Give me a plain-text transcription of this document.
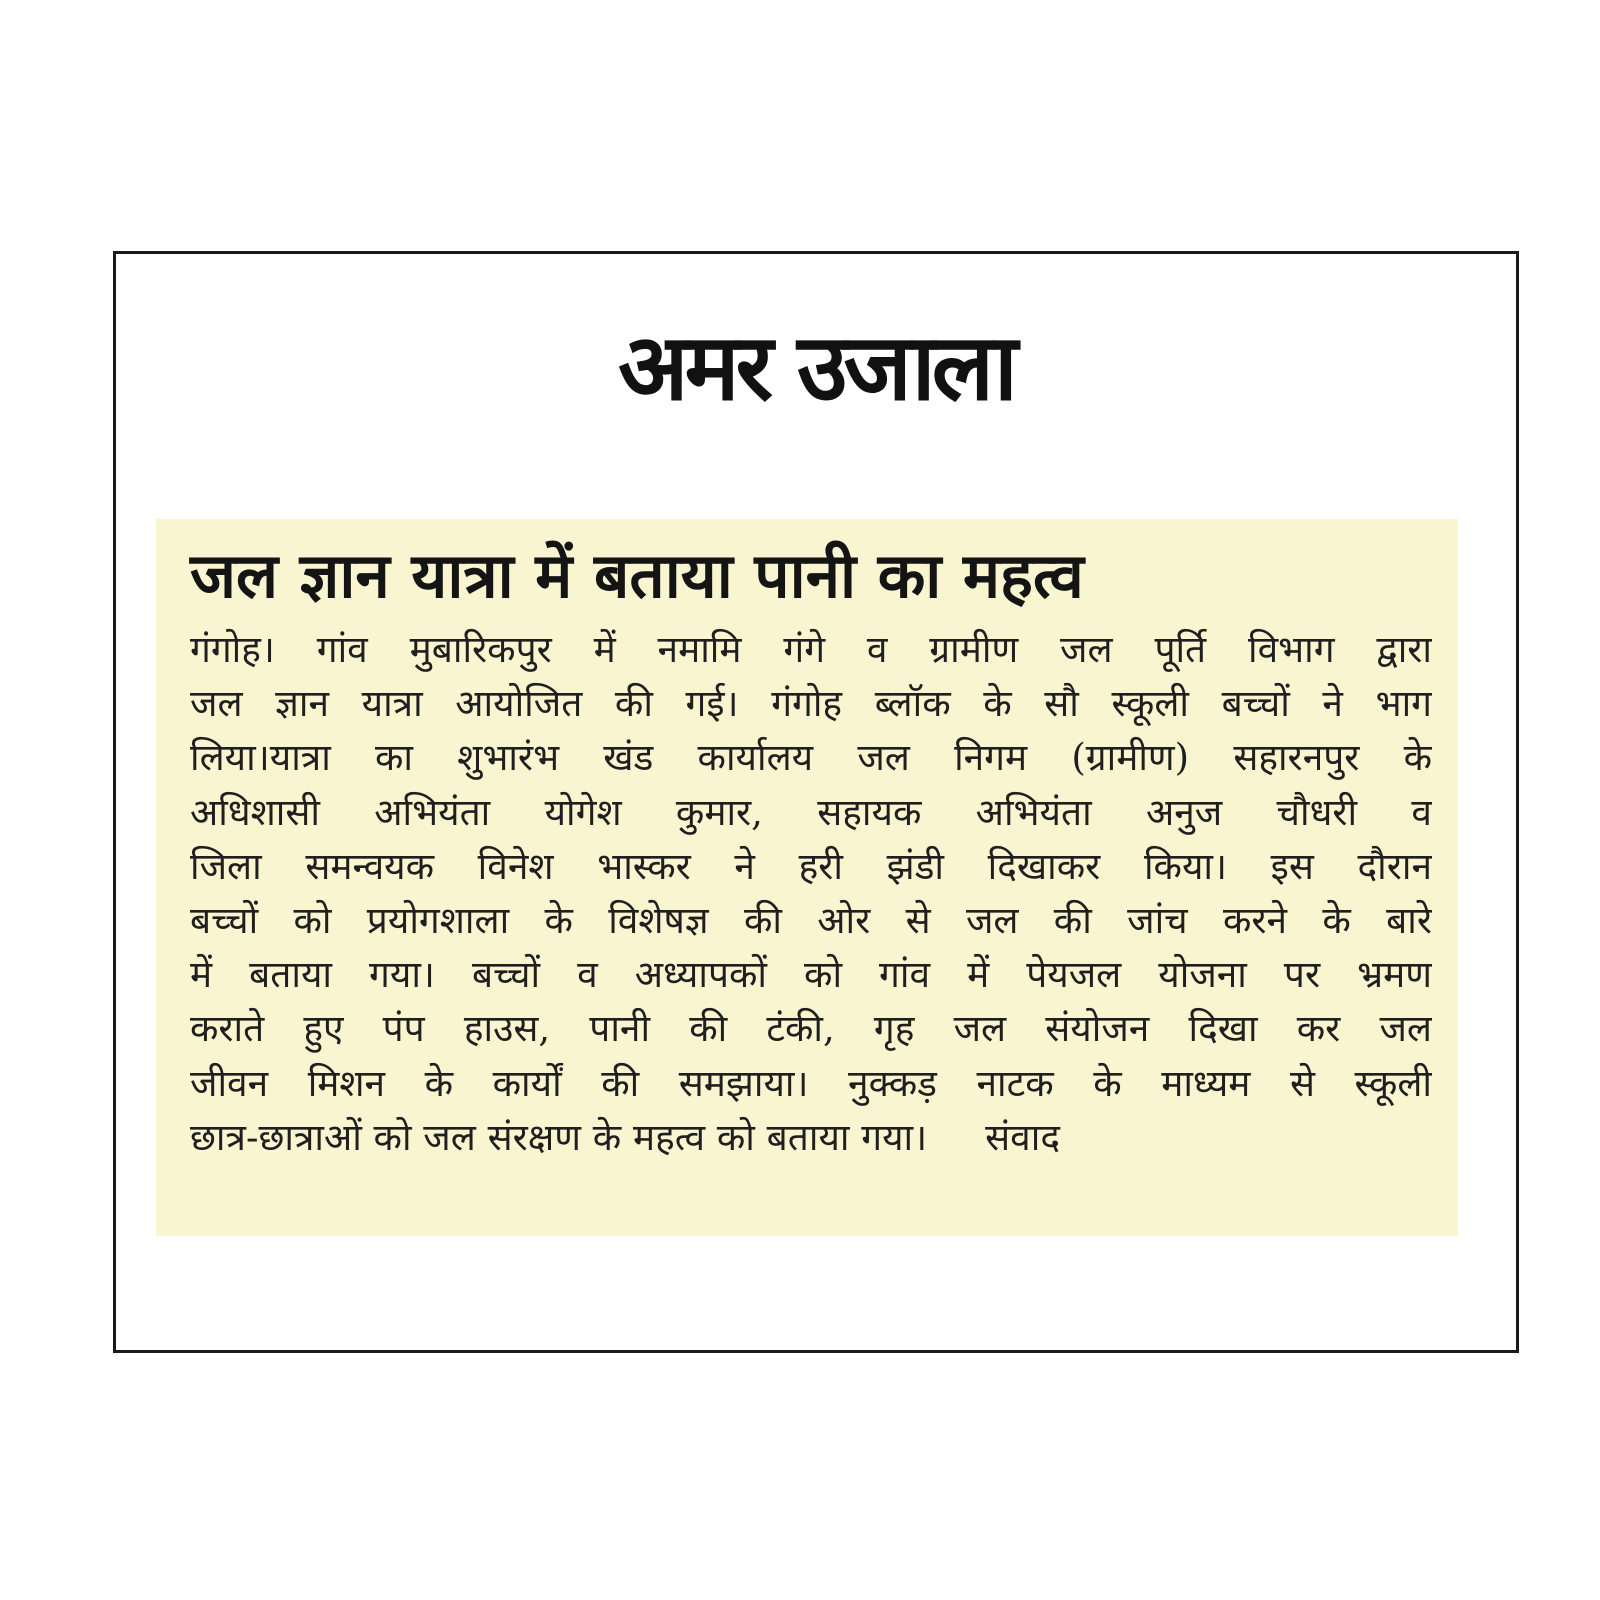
अमर उजाला
जल ज्ञान यात्रा में बताया पानी का महत्व
गंगोह। गांव मुबारिकपुर में नमामि गंगे व ग्रामीण जल पूर्ति विभाग द्वारा
जल ज्ञान यात्रा आयोजित की गई। गंगोह ब्लॉक के सौ स्कूली बच्चों ने भाग
लिया।यात्रा का शुभारंभ खंड कार्यालय जल निगम (ग्रामीण) सहारनपुर के
अधिशासी अभियंता योगेश कुमार, सहायक अभियंता अनुज चौधरी व
जिला समन्वयक विनेश भास्कर ने हरी झंडी दिखाकर किया। इस दौरान
बच्चों को प्रयोगशाला के विशेषज्ञ की ओर से जल की जांच करने के बारे
में बताया गया। बच्चों व अध्यापकों को गांव में पेयजल योजना पर भ्रमण
कराते हुए पंप हाउस, पानी की टंकी, गृह जल संयोजन दिखा कर जल
जीवन मिशन के कार्यों की समझाया। नुक्कड़ नाटक के माध्यम से स्कूली
छात्र-छात्राओं को जल संरक्षण के महत्व को बताया गया। संवाद
